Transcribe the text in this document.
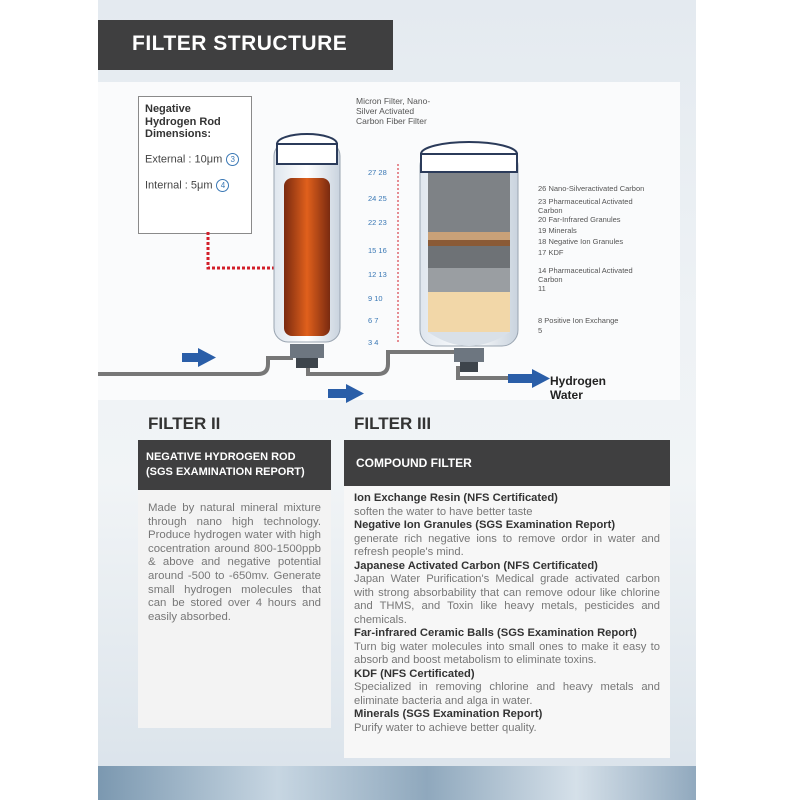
FILTER STRUCTURE
Negative Hydrogen Rod Dimensions:
External : 10μm 3
Internal : 5μm 4
Micron Filter, Nano-Silver Activated Carbon Fiber Filter
27 28
24 25
22 23
15 16
12 13
9 10
6 7
3 4
26 Nano-Silveractivated Carbon
23 Pharmaceutical Activated Carbon
20 Far-Infrared Granules
19 Minerals
18 Negative Ion Granules
17 KDF
14 Pharmaceutical Activated Carbon
11
8 Positive Ion Exchange
5
Hydrogen Water
FILTER II	FILTER III
NEGATIVE HYDROGEN ROD (SGS EXAMINATION REPORT)
Made by natural mineral mixture through nano high technology. Produce hydrogen water with high cocentration around 800-1500ppb & above and negative potential around -500 to -650mv. Generate small hydrogen molecules that can be stored over 4 hours and easily absorbed.
COMPOUND FILTER
Ion Exchange Resin (NFS Certificated)

soften the water to have better taste

Negative Ion Granules (SGS Examination Report)

generate rich negative ions to remove ordor in water and refresh people's mind.

Japanese Activated Carbon (NFS Certificated)

Japan Water Purification's Medical grade activated carbon with strong absorbability that can remove odour like chlorine and THMS, and Toxin like heavy metals, pesticides and chemicals.

Far-infrared Ceramic Balls (SGS Examination Report)

Turn big water molecules into small ones to make it easy to absorb and boost metabolism to eliminate toxins.

KDF (NFS Certificated)

Specialized in removing chlorine and heavy metals and eliminate bacteria and alga in water.

Minerals (SGS Examination Report)

Purify water to achieve better quality.
